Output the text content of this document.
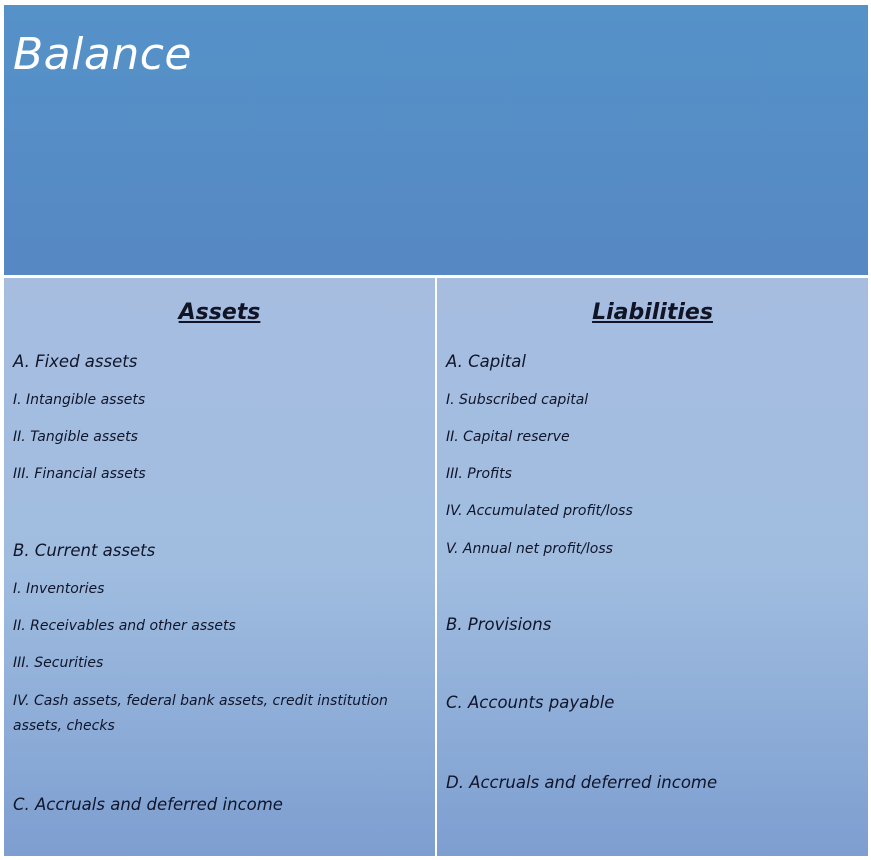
Balance
Assets

A. Fixed assets

I. Intangible assets

II. Tangible assets

III. Financial assets

B. Current assets

I. Inventories

II. Receivables and other assets

III. Securities

IV. Cash assets, federal bank assets, credit institution assets, checks

C. Accruals and deferred income

Liabilities

A. Capital

I. Subscribed capital

II. Capital reserve

III. Profits

IV. Accumulated profit/loss

V. Annual net profit/loss

B. Provisions

C. Accounts payable

D. Accruals and deferred income
